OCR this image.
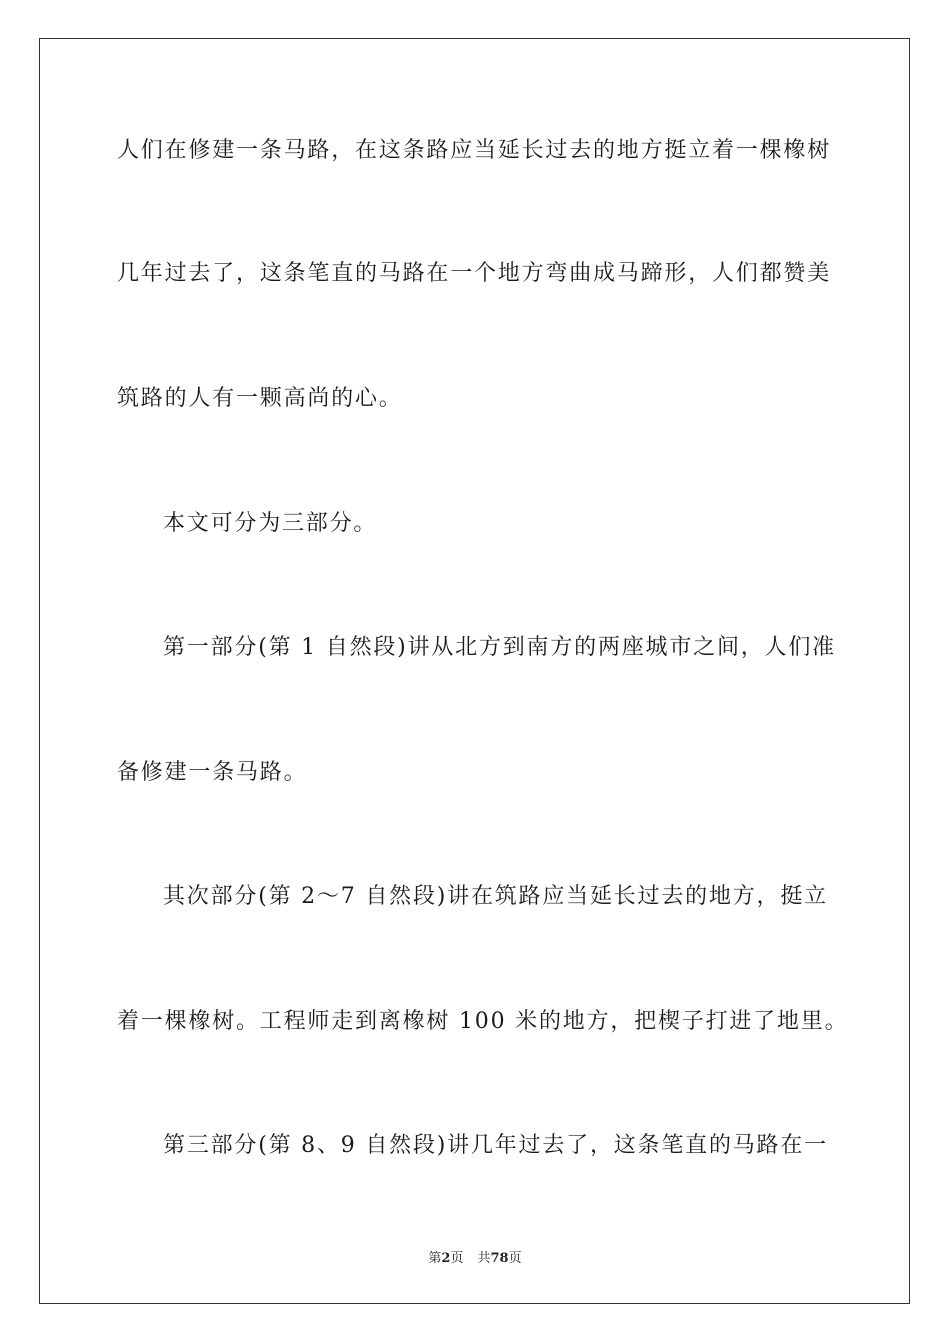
人们在修建一条马路，在这条路应当延长过去的地方挺立着一棵橡树
几年过去了，这条笔直的马路在一个地方弯曲成马蹄形，人们都赞美
筑路的人有一颗高尚的心。
本文可分为三部分。
第一部分(第 1 自然段)讲从北方到南方的两座城市之间，人们准
备修建一条马路。
其次部分(第 2～7 自然段)讲在筑路应当延长过去的地方，挺立
着一棵橡树。工程师走到离橡树 100 米的地方，把楔子打进了地里。
第三部分(第 8、9 自然段)讲几年过去了，这条笔直的马路在一
第2页 共78页
